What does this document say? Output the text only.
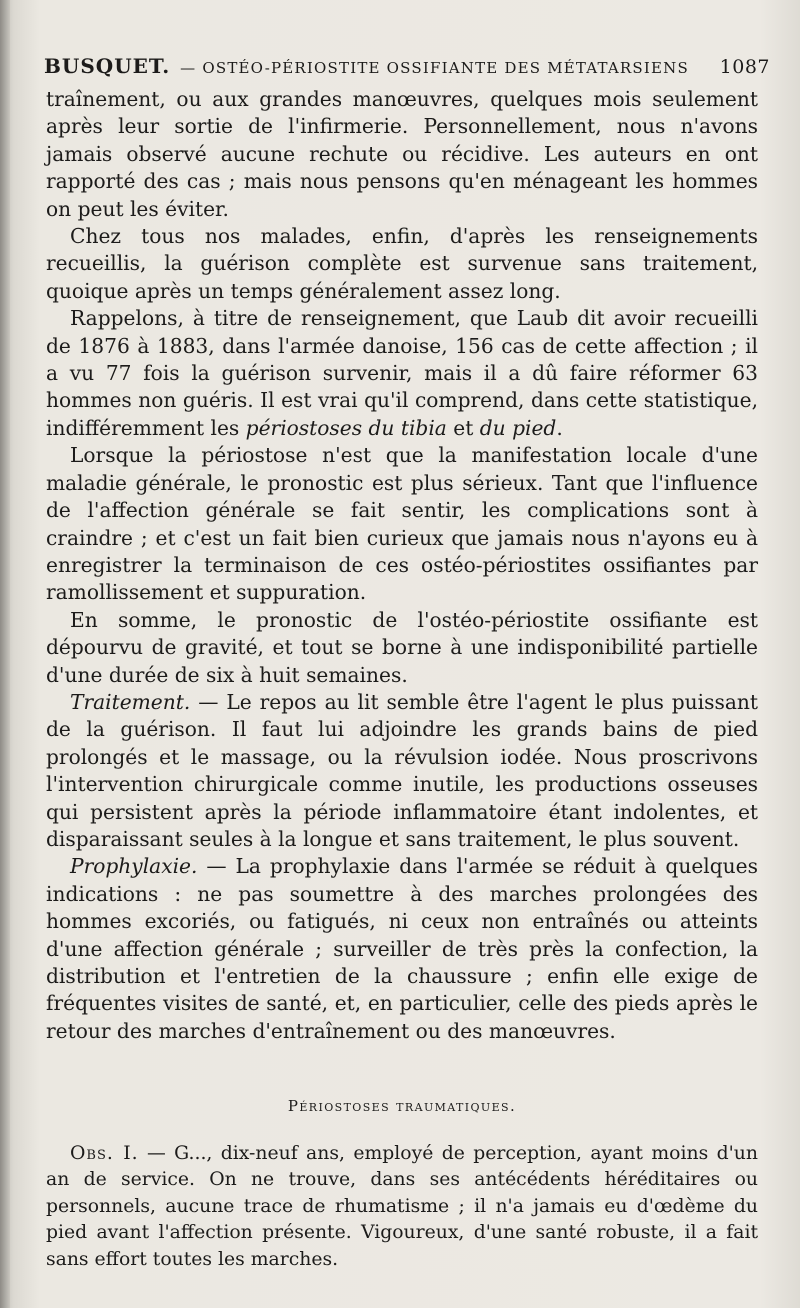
BUSQUET. — OSTÉO-PÉRIOSTITE OSSIFIANTE DES MÉTATARSIENS	1087

traînement, ou aux grandes manœuvres, quelques mois seulement après leur sortie de l'infirmerie. Personnellement, nous n'avons jamais observé aucune rechute ou récidive. Les auteurs en ont rapporté des cas ; mais nous pensons qu'en ménageant les hommes on peut les éviter.

Chez tous nos malades, enfin, d'après les renseignements recueillis, la guérison complète est survenue sans traitement, quoique après un temps généralement assez long.

Rappelons, à titre de renseignement, que Laub dit avoir recueilli de 1876 à 1883, dans l'armée danoise, 156 cas de cette affection ; il a vu 77 fois la guérison survenir, mais il a dû faire réformer 63 hommes non guéris. Il est vrai qu'il comprend, dans cette statistique, indifféremment les périostoses du tibia et du pied.

Lorsque la périostose n'est que la manifestation locale d'une maladie générale, le pronostic est plus sérieux. Tant que l'influence de l'affection générale se fait sentir, les complications sont à craindre ; et c'est un fait bien curieux que jamais nous n'ayons eu à enregistrer la terminaison de ces ostéo-périostites ossifiantes par ramollissement et suppuration.

En somme, le pronostic de l'ostéo-périostite ossifiante est dépourvu de gravité, et tout se borne à une indisponibilité partielle d'une durée de six à huit semaines.

Traitement. — Le repos au lit semble être l'agent le plus puissant de la guérison. Il faut lui adjoindre les grands bains de pied prolongés et le massage, ou la révulsion iodée. Nous proscrivons l'intervention chirurgicale comme inutile, les productions osseuses qui persistent après la période inflammatoire étant indolentes, et disparaissant seules à la longue et sans traitement, le plus souvent.

Prophylaxie. — La prophylaxie dans l'armée se réduit à quelques indications : ne pas soumettre à des marches prolongées des hommes excoriés, ou fatigués, ni ceux non entraînés ou atteints d'une affection générale ; surveiller de très près la confection, la distribution et l'entretien de la chaussure ; enfin elle exige de fréquentes visites de santé, et, en particulier, celle des pieds après le retour des marches d'entraînement ou des manœuvres.

Périostoses traumatiques.

Obs. I. — G..., dix-neuf ans, employé de perception, ayant moins d'un an de service. On ne trouve, dans ses antécédents héréditaires ou personnels, aucune trace de rhumatisme ; il n'a jamais eu d'œdème du pied avant l'affection présente. Vigoureux, d'une santé robuste, il a fait sans effort toutes les marches.
